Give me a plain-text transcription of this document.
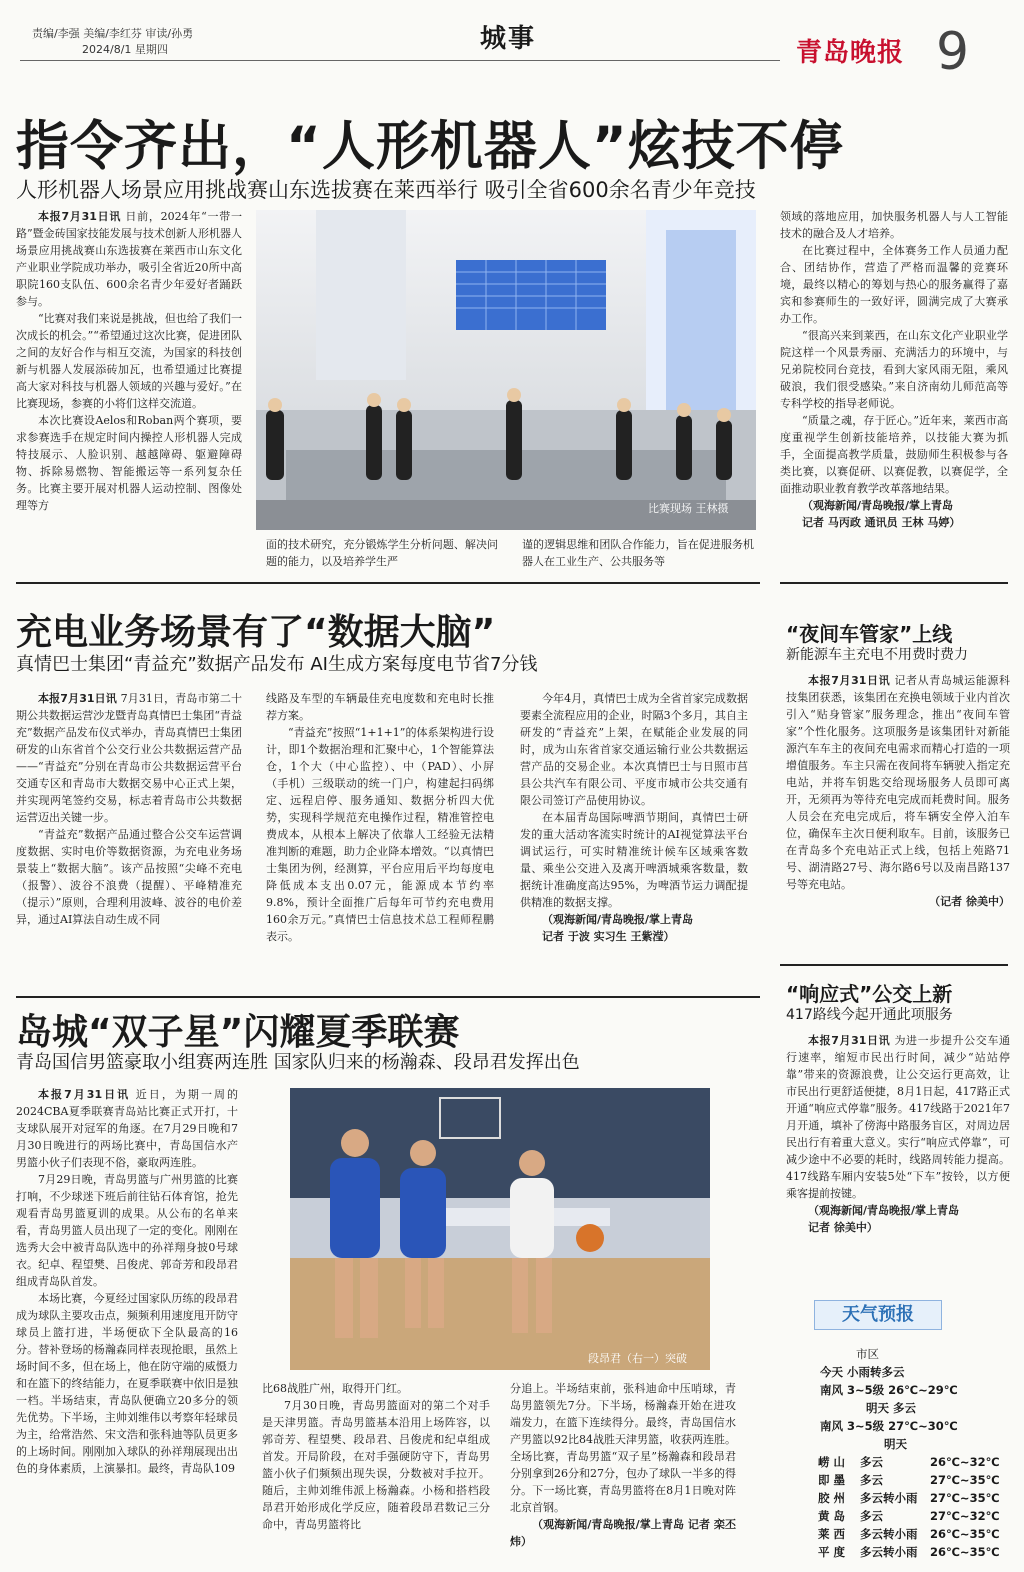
责编/李强 美编/李红芬 审读/孙勇
2024/8/1 星期四	城事	青岛晚报 9
指令齐出，“人形机器人”炫技不停
人形机器人场景应用挑战赛山东选拔赛在莱西举行 吸引全省600余名青少年竞技

本报7月31日讯 日前，2024年“一带一路”暨金砖国家技能发展与技术创新人形机器人场景应用挑战赛山东选拔赛在莱西市山东文化产业职业学院成功举办，吸引全省近20所中高职院160支队伍、600余名青少年爱好者踊跃参与。

“比赛对我们来说是挑战，但也给了我们一次成长的机会。”“希望通过这次比赛，促进团队之间的友好合作与相互交流，为国家的科技创新与机器人发展添砖加瓦，也希望通过比赛提高大家对科技与机器人领域的兴趣与爱好。”在比赛现场，参赛的小将们这样交流道。

本次比赛设Aelos和Roban两个赛项，要求参赛选手在规定时间内操控人形机器人完成特技展示、人脸识别、越越障碍、躯避障碍物、拆除易燃物、智能搬运等一系列复杂任务。比赛主要开展对机器人运动控制、图像处理等方	比赛现场 王林摄

面的技术研究，充分锻炼学生分析问题、解决问题的能力，以及培养学生严

谨的逻辑思维和团队合作能力，旨在促进服务机器人在工业生产、公共服务等

领域的落地应用，加快服务机器人与人工智能技术的融合及人才培养。

在比赛过程中，全体赛务工作人员通力配合、团结协作，营造了严格而温馨的竞赛环境，最终以精心的筹划与热心的服务赢得了嘉宾和参赛师生的一致好评，圆满完成了大赛承办工作。

“很高兴来到莱西，在山东文化产业职业学院这样一个风景秀丽、充满活力的环境中，与兄弟院校同台竞技，看到大家风雨无阻，乘风破浪，我们很受感染。”来自济南幼儿师范高等专科学校的指导老师说。

“质量之魂，存于匠心。”近年来，莱西市高度重视学生创新技能培养，以技能大赛为抓手，全面提高教学质量，鼓励师生积极参与各类比赛，以赛促研、以赛促教，以赛促学，全面推动职业教育教学改革落地结果。

（观海新闻/青岛晚报/掌上青岛

记者 马丙政 通讯员 王林 马婷）

充电业务场景有了“数据大脑”
真情巴士集团“青益充”数据产品发布 AI生成方案每度电节省7分钱

本报7月31日讯 7月31日，青岛市第二十期公共数据运营沙龙暨青岛真情巴士集团“青益充”数据产品发布仪式举办，青岛真情巴士集团研发的山东省首个公交行业公共数据运营产品——“青益充”分别在青岛市公共数据运营平台交通专区和青岛市大数据交易中心正式上架，并实现两笔签约交易，标志着青岛市公共数据运营迈出关键一步。

“青益充”数据产品通过整合公交车运营调度数据、实时电价等数据资源，为充电业务场景装上“数据大脑”。该产品按照“尖峰不充电（报警）、波谷不浪费（提醒）、平峰精准充（提示）”原则，合理利用波峰、波谷的电价差异，通过AI算法自动生成不同

线路及车型的车辆最佳充电度数和充电时长推荐方案。

“青益充”按照“1+1+1”的体系架构进行设计，即1个数据治理和汇聚中心，1个智能算法仓，1个大（中心监控）、中（PAD）、小屏（手机）三级联动的统一门户，构建起扫码绑定、远程启停、服务通知、数据分析四大优势，实现科学规范充电操作过程，精准管控电费成本，从根本上解决了依靠人工经验无法精准判断的难题，助力企业降本增效。“以真情巴士集团为例，经测算，平台应用后平均每度电降低成本支出0.07元，能源成本节约率9.8%，预计全面推广后每年可节约充电费用160余万元。”真情巴士信息技术总工程师程鹏表示。

今年4月，真情巴士成为全省首家完成数据要素全流程应用的企业，时隔3个多月，其自主研发的“青益充”上架，在赋能企业发展的同时，成为山东省首家交通运输行业公共数据运营产品的交易企业。本次真情巴士与日照市莒县公共汽车有限公司、平度市城市公共交通有限公司签订产品使用协议。

在本届青岛国际啤酒节期间，真情巴士研发的重大活动客流实时统计的AI视觉算法平台调试运行，可实时精准统计候车区域乘客数量、乘坐公交进入及离开啤酒城乘客数量，数据统计准确度高达95%，为啤酒节运力调配提供精准的数据支撑。

（观海新闻/青岛晚报/掌上青岛

记者 于波 实习生 王紫滢）

“夜间车管家”上线
新能源车主充电不用费时费力

本报7月31日讯 记者从青岛城运能源科技集团获悉，该集团在充换电领域于业内首次引入“贴身管家”服务理念，推出“夜间车管家”个性化服务。这项服务是该集团针对新能源汽车车主的夜间充电需求而精心打造的一项增值服务。车主只需在夜间将车辆驶入指定充电站，并将车钥匙交给现场服务人员即可离开，无须再为等待充电完成而耗费时间。服务人员会在充电完成后，将车辆安全停入泊车位，确保车主次日便利取车。目前，该服务已在青岛多个充电站正式上线，包括上苑路71号、湖清路27号、海尔路6号以及南昌路137号等充电站。

（记者 徐美中）

岛城“双子星”闪耀夏季联赛
青岛国信男篮豪取小组赛两连胜 国家队归来的杨瀚森、段昂君发挥出色

本报7月31日讯 近日，为期一周的2024CBA夏季联赛青岛站比赛正式开打，十支球队展开对冠军的角逐。在7月29日晚和7月30日晚进行的两场比赛中，青岛国信水产男篮小伙子们表现不俗，豪取两连胜。

7月29日晚，青岛男篮与广州男篮的比赛打响，不少球迷下班后前往钻石体育馆，抢先观看青岛男篮夏训的成果。从公布的名单来看，青岛男篮人员出现了一定的变化。刚刚在选秀大会中被青岛队选中的孙祥翔身披0号球衣。纪卓、程望樊、吕俊虎、郭奇芳和段昂君组成青岛队首发。

本场比赛，今夏经过国家队历练的段昂君成为球队主要攻击点，频频利用速度甩开防守球员上篮打进，半场便砍下全队最高的16分。替补登场的杨瀚森同样表现抢眼，虽然上场时间不多，但在场上，他在防守端的威慑力和在篮下的终结能力，在夏季联赛中依旧是独一档。半场结束，青岛队便确立20多分的领先优势。下半场，主帅刘维伟以考察年轻球员为主，给常浩然、宋文浩和张科迪等队员更多的上场时间。刚刚加入球队的孙祥翔展现出出色的身体素质，上演暴扣。最终，青岛队109

段昂君（右一）突破

比68战胜广州，取得开门红。

7月30日晚，青岛男篮面对的第二个对手是天津男篮。青岛男篮基本沿用上场阵容，以郭奇芳、程望樊、段昂君、吕俊虎和纪卓组成首发。开局阶段，在对手强硬防守下，青岛男篮小伙子们频频出现失误，分数被对手拉开。随后，主帅刘维伟派上杨瀚森。小杨和搭档段昂君开始形成化学反应，随着段昂君数记三分命中，青岛男篮将比

分追上。半场结束前，张科迪命中压哨球，青岛男篮领先7分。下半场，杨瀚森开始在进攻端发力，在篮下连续得分。最终，青岛国信水产男篮以92比84战胜天津男篮，收获两连胜。全场比赛，青岛男篮“双子星”杨瀚森和段昂君分别拿到26分和27分，包办了球队一半多的得分。下一场比赛，青岛男篮将在8月1日晚对阵北京首钢。

（观海新闻/青岛晚报/掌上青岛 记者 栾丕炜）

“响应式”公交上新
417路线今起开通此项服务

本报7月31日讯 为进一步提升公交车通行速率，缩短市民出行时间，减少“站站停靠”带来的资源浪费，让公交运行更高效，让市民出行更舒适便捷，8月1日起，417路正式开通“响应式停靠”服务。417线路于2021年7月开通，填补了傍海中路服务盲区，对周边居民出行有着重大意义。实行“响应式停靠”，可减少途中不必要的耗时，线路周转能力提高。417线路车厢内安装5处“下车”按铃，以方便乘客提前按键。

（观海新闻/青岛晚报/掌上青岛

记者 徐美中）

天气预报
市区
今天 小雨转多云
南风 3~5级 26℃~29℃
明天 多云
南风 3~5级 27℃~30℃
明天
崂 山 多云	26℃~32℃
即 墨 多云	27℃~35℃
胶 州 多云转小雨 27℃~35℃
黄 岛 多云	27℃~32℃
莱 西 多云转小雨 26℃~35℃
平 度 多云转小雨 26℃~35℃
